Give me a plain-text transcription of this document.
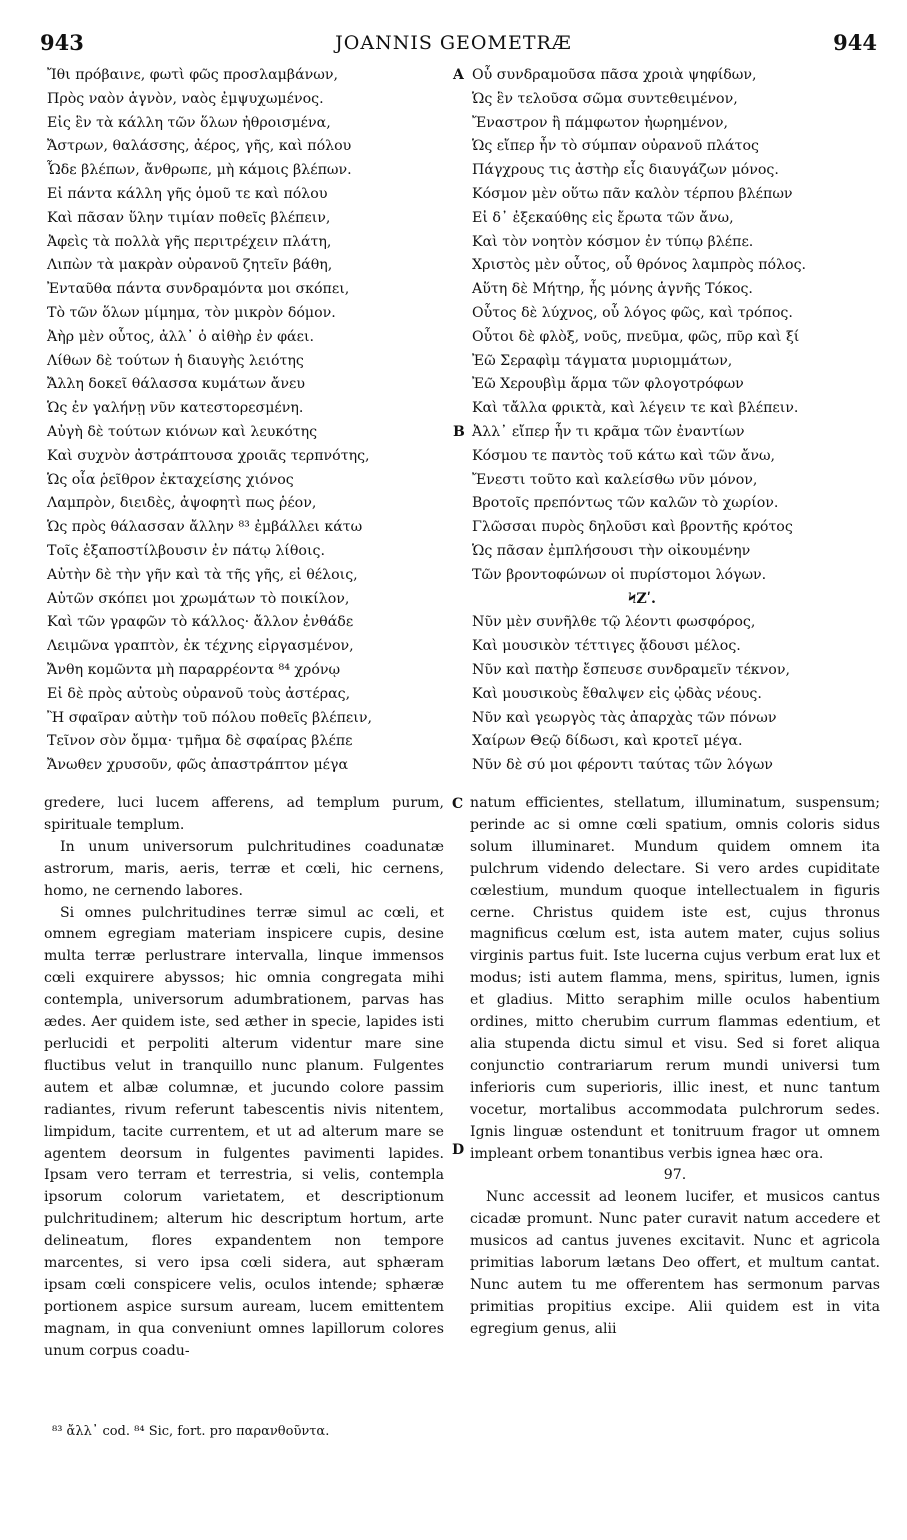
943	JOANNIS GEOMETRÆ	944
Ἴθι πρόβαινε, φωτὶ φῶς προσλαμβάνων,
Πρὸς ναὸν ἁγνὸν, ναὸς ἐμψυχωμένος.
Εἰς ἓν τὰ κάλλη τῶν ὅλων ἠθροισμένα,
Ἄστρων, θαλάσσης, ἀέρος, γῆς, καὶ πόλου
Ὧδε βλέπων, ἄνθρωπε, μὴ κάμοις βλέπων.
Εἰ πάντα κάλλη γῆς ὁμοῦ τε καὶ πόλου
Καὶ πᾶσαν ὕλην τιμίαν ποθεῖς βλέπειν,
Ἀφεὶς τὰ πολλὰ γῆς περιτρέχειν πλάτη,
Λιπὼν τὰ μακρὰν οὐρανοῦ ζητεῖν βάθη,
Ἐνταῦθα πάντα συνδραμόντα μοι σκόπει,
Τὸ τῶν ὅλων μίμημα, τὸν μικρὸν δόμον.
Ἀὴρ μὲν οὗτος, ἀλλ᾽ ὁ αἰθὴρ ἐν φάει.
Λίθων δὲ τούτων ἡ διαυγὴς λειότης
Ἄλλη δοκεῖ θάλασσα κυμάτων ἄνευ
Ὡς ἐν γαλήνῃ νῦν κατεστορεσμένη.
Αὐγὴ δὲ τούτων κιόνων καὶ λευκότης
Καὶ συχνὸν ἀστράπτουσα χροιᾶς τερπνότης,
Ὡς οἷα ῥεῖθρον ἐκταχείσης χιόνος
Λαμπρὸν, διειδὲς, ἀψοφητὶ πως ῥέον,
Ὡς πρὸς θάλασσαν ἄλλην ⁸³ ἐμβάλλει κάτω
Τοῖς ἐξαποστίλβουσιν ἐν πάτῳ λίθοις.
Αὐτὴν δὲ τὴν γῆν καὶ τὰ τῆς γῆς, εἰ θέλοις,
Αὐτῶν σκόπει μοι χρωμάτων τὸ ποικίλον,
Καὶ τῶν γραφῶν τὸ κάλλος· ἄλλον ἐνθάδε
Λειμῶνα γραπτὸν, ἐκ τέχνης εἰργασμένον,
Ἄνθη κομῶντα μὴ παραρρέοντα ⁸⁴ χρόνῳ
Εἰ δὲ πρὸς αὐτοὺς οὐρανοῦ τοὺς ἀστέρας,
Ἢ σφαῖραν αὐτὴν τοῦ πόλου ποθεῖς βλέπειν,
Τεῖνον σὸν ὄμμα· τμῆμα δὲ σφαίρας βλέπε
Ἄνωθεν χρυσοῦν, φῶς ἀπαστράπτον μέγα
Οὗ συνδραμοῦσα πᾶσα χροιὰ ψηφίδων,
Ὡς ἓν τελοῦσα σῶμα συντεθειμένον,
Ἔναστρον ἢ πάμφωτον ἠωρημένον,
Ὡς εἴπερ ἦν τὸ σύμπαν οὐρανοῦ πλάτος
Πάγχρους τις ἀστὴρ εἷς διαυγάζων μόνος.
Κόσμον μὲν οὕτω πᾶν καλὸν τέρπου βλέπων
Εἰ δ᾽ ἐξεκαύθης εἰς ἔρωτα τῶν ἄνω,
Καὶ τὸν νοητὸν κόσμον ἐν τύπῳ βλέπε.
Χριστὸς μὲν οὗτος, οὗ θρόνος λαμπρὸς πόλος.
Αὕτη δὲ Μήτηρ, ἧς μόνης ἁγνῆς Τόκος.
Οὗτος δὲ λύχνος, οὗ λόγος φῶς, καὶ τρόπος.
Οὗτοι δὲ φλὸξ, νοῦς, πνεῦμα, φῶς, πῦρ καὶ ξί
Ἐῶ Σεραφὶμ τάγματα μυριομμάτων,
Ἐῶ Χερουβὶμ ἅρμα τῶν φλογοτρόφων
Καὶ τἄλλα φρικτὰ, καὶ λέγειν τε καὶ βλέπειν.
Ἀλλ᾽ εἴπερ ἦν τι κρᾶμα τῶν ἐναντίων
Κόσμου τε παντὸς τοῦ κάτω καὶ τῶν ἄνω,
Ἔνεστι τοῦτο καὶ καλείσθω νῦν μόνον,
Βροτοῖς πρεπόντως τῶν καλῶν τὸ χωρίον.
Γλῶσσαι πυρὸς δηλοῦσι καὶ βροντῆς κρότος
Ὡς πᾶσαν ἐμπλήσουσι τὴν οἰκουμένην
Τῶν βροντοφώνων οἱ πυρίστομοι λόγων.
ϞΖʹ.
Νῦν μὲν συνῆλθε τῷ λέοντι φωσφόρος,
Καὶ μουσικὸν τέττιγες ᾄδουσι μέλος.
Νῦν καὶ πατὴρ ἔσπευσε συνδραμεῖν τέκνον,
Καὶ μουσικοὺς ἔθαλψεν εἰς ᾠδὰς νέους.
Νῦν καὶ γεωργὸς τὰς ἀπαρχὰς τῶν πόνων
Χαίρων Θεῷ δίδωσι, καὶ κροτεῖ μέγα.
Νῦν δὲ σύ μοι φέροντι ταύτας τῶν λόγων
A
B
C
D

gredere, luci lucem afferens, ad templum purum, spirituale templum.

In unum universorum pulchritudines coadunatæ astrorum, maris, aeris, terræ et cœli, hic cernens, homo, ne cernendo labores.

Si omnes pulchritudines terræ simul ac cœli, et omnem egregiam materiam inspicere cupis, desine multa terræ perlustrare intervalla, linque immensos cœli exquirere abyssos; hic omnia congregata mihi contempla, universorum adumbrationem, parvas has ædes. Aer quidem iste, sed æther in specie, lapides isti perlucidi et perpoliti alterum videntur mare sine fluctibus velut in tranquillo nunc planum. Fulgentes autem et albæ columnæ, et jucundo colore passim radiantes, rivum referunt tabescentis nivis nitentem, limpidum, tacite currentem, et ut ad alterum mare se agentem deorsum in fulgentes pavimenti lapides. Ipsam vero terram et terrestria, si velis, contempla ipsorum colorum varietatem, et descriptionum pulchritudinem; alterum hic descriptum hortum, arte delineatum, flores expandentem non tempore marcentes, si vero ipsa cœli sidera, aut sphæram ipsam cœli conspicere velis, oculos intende; sphæræ portionem aspice sursum auream, lucem emittentem magnam, in qua conveniunt omnes lapillorum colores unum corpus coadu-

natum efficientes, stellatum, illuminatum, suspensum; perinde ac si omne cœli spatium, omnis coloris sidus solum illuminaret. Mundum quidem omnem ita pulchrum videndo delectare. Si vero ardes cupiditate cœlestium, mundum quoque intellectualem in figuris cerne. Christus quidem iste est, cujus thronus magnificus cœlum est, ista autem mater, cujus solius virginis partus fuit. Iste lucerna cujus verbum erat lux et modus; isti autem flamma, mens, spiritus, lumen, ignis et gladius. Mitto seraphim mille oculos habentium ordines, mitto cherubim currum flammas edentium, et alia stupenda dictu simul et visu. Sed si foret aliqua conjunctio contrariarum rerum mundi universi tum inferioris cum superioris, illic inest, et nunc tantum vocetur, mortalibus accommodata pulchrorum sedes. Ignis linguæ ostendunt et tonitruum fragor ut omnem impleant orbem tonantibus verbis ignea hæc ora.

97.

Nunc accessit ad leonem lucifer, et musicos cantus cicadæ promunt. Nunc pater curavit natum accedere et musicos ad cantus juvenes excitavit. Nunc et agricola primitias laborum lætans Deo offert, et multum cantat. Nunc autem tu me offerentem has sermonum parvas primitias propitius excipe. Alii quidem est in vita egregium genus, alii

⁸³ ἄλλ᾽ cod. ⁸⁴ Sic, fort. pro παρανθοῦντα.
